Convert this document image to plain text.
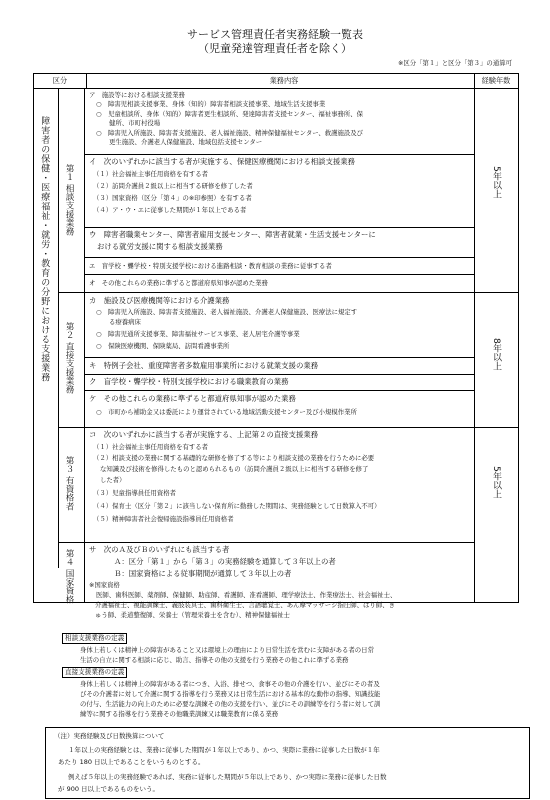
サービス管理責任者実務経験一覧表
（児童発達管理責任者を除く）
※区分「第１」と区分「第３」の通算可
区分	業務内容	経験年数
障害者の保健・医療福祉・就労・教育の分野における支援業務 第１ 相談支援業務
第２ 直接支援業務
第３ 有資格者
第４ 国家資格
5年以上
8年以上
5年以上
ア　施設等における相談支援業務
○　障害児相談支援事業、身体（知的）障害者相談支援事業、地域生活支援事業
○　児童相談所、身体（知的）障害者更生相談所、発達障害者支援センター、福祉事務所、保
健所、市町村役場
○　障害児入所施設、障害者支援施設、老人福祉施設、精神保健福祉センター、救護施設及び
更生施設、介護老人保健施設、地域包括支援センター
イ　次のいずれかに該当する者が実施する、保健医療機関における相談支援業務
（１）社会福祉主事任用資格を有する者
（２）訪問介護員２級以上に相当する研修を修了した者
（３）国家資格（区分「第４」の※印参照）を有する者
（４）ア・ウ・エに従事した期間が１年以上である者
ウ　障害者職業センター、障害者雇用支援センター、障害者就業・生活支援センターに
おける就労支援に関する相談支援業務
エ　盲学校・聾学校・特別支援学校における進路相談・教育相談の業務に従事する者
オ　その他これらの業務に準ずると都道府県知事が認めた業務
カ　施設及び医療機関等における介護業務
○　障害児入所施設、障害者支援施設、老人福祉施設、介護老人保健施設、医療法に規定す
る療養病床
○　障害児通所支援事業、障害福祉サービス事業、老人居宅介護等事業
○　保険医療機関、保険薬局、訪問看護事業所
キ　特例子会社、重度障害者多数雇用事業所における就業支援の業務
ク　盲学校・聾学校・特別支援学校における職業教育の業務
ケ　その他これらの業務に準ずると都道府県知事が認めた業務
○　市町から補助金又は委託により運営されている地域活動支援センター及び小規模作業所
コ　次のいずれかに該当する者が実施する、上記第２の直接支援業務
（１）社会福祉主事任用資格を有する者
（２）相談支援の業務に関する基礎的な研修を修了する等により相談支援の業務を行うために必要
な知識及び技術を修得したものと認められるもの（訪問介護員２級以上に相当する研修を修了
した者）
（３）児童指導員任用資格者
（４）保育士（区分「第２」に該当しない保育所に勤務した期間は、実務経験として日数算入不可）
（５）精神障害者社会復帰施設指導員任用資格者
サ　次のＡ及びＢのいずれにも該当する者
Ａ：区分「第１」から「第３」の実務経験を通算して３年以上の者
Ｂ：国家資格による従事期間が通算して３年以上の者
※国家資格
医師、歯科医師、薬剤師、保健師、助産師、看護師、准看護師、理学療法士、作業療法士、社会福祉士、
介護福祉士、視能訓練士、義肢装具士、歯科衛生士、言語聴覚士、あん摩マッサージ指圧師、はり師、き
ゅう師、柔道整復師、栄養士（管理栄養士を含む）、精神保健福祉士
相談支援業務の定義
身体上若しくは精神上の障害があること又は環境上の理由により日常生活を営むに支障がある者の日常
生活の自立に関する相談に応じ、助言、指導その他の支援を行う業務その他これに準ずる業務
直接支援業務の定義
身体上若しくは精神上の障害がある者につき、入浴、排せつ、食事その他の介護を行い、並びにその者及
びその介護者に対して介護に関する指導を行う業務又は日常生活における基本的な動作の指導、知識技能
の付与、生活能力の向上のために必要な訓練その他の支援を行い、並びにその訓練等を行う者に対して訓
練等に関する指導を行う業務その他職業訓練又は職業教育に係る業務
（注）実務経験及び日数換算について
１年以上の実務経験とは、業務に従事した期間が１年以上であり、かつ、実際に業務に従事した日数が１年
あたり 180 日以上であることをいうものとする。
例えば５年以上の実務経験であれば、実務に従事した期間が５年以上であり、かつ実際に業務に従事した日数
が 900 日以上であるものをいう。
